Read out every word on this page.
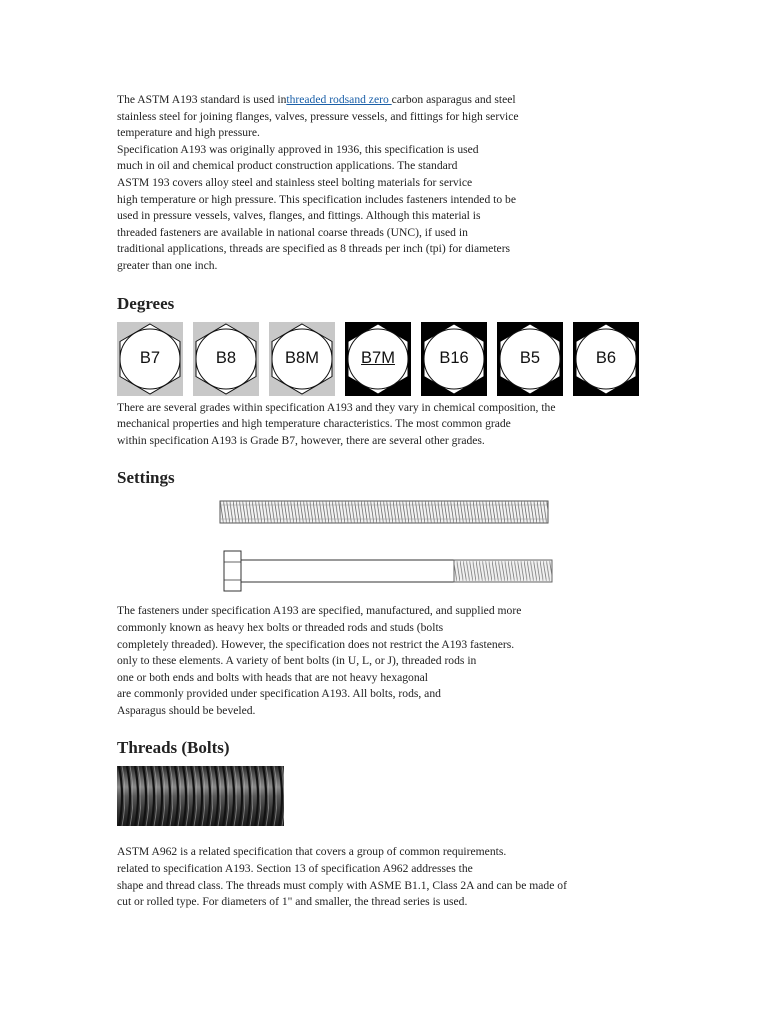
The ASTM A193 standard is used inthreaded rodsand zero carbon asparagus and steel
stainless steel for joining flanges, valves, pressure vessels, and fittings for high service
temperature and high pressure.
Specification A193 was originally approved in 1936, this specification is used
much in oil and chemical product construction applications. The standard
ASTM 193 covers alloy steel and stainless steel bolting materials for service
high temperature or high pressure. This specification includes fasteners intended to be
used in pressure vessels, valves, flanges, and fittings. Although this material is
threaded fasteners are available in national coarse threads (UNC), if used in
traditional applications, threads are specified as 8 threads per inch (tpi) for diameters
greater than one inch.

Degrees
B7	B8	B8M	B7M	B16	B5	B6

There are several grades within specification A193 and they vary in chemical composition, the
mechanical properties and high temperature characteristics. The most common grade
within specification A193 is Grade B7, however, there are several other grades.

Settings

The fasteners under specification A193 are specified, manufactured, and supplied more
commonly known as heavy hex bolts or threaded rods and studs (bolts
completely threaded). However, the specification does not restrict the A193 fasteners.
only to these elements. A variety of bent bolts (in U, L, or J), threaded rods in
one or both ends and bolts with heads that are not heavy hexagonal
are commonly provided under specification A193. All bolts, rods, and
Asparagus should be beveled.

Threads (Bolts)

ASTM A962 is a related specification that covers a group of common requirements.
related to specification A193. Section 13 of specification A962 addresses the
shape and thread class. The threads must comply with ASME B1.1, Class 2A and can be made of
cut or rolled type. For diameters of 1" and smaller, the thread series is used.
